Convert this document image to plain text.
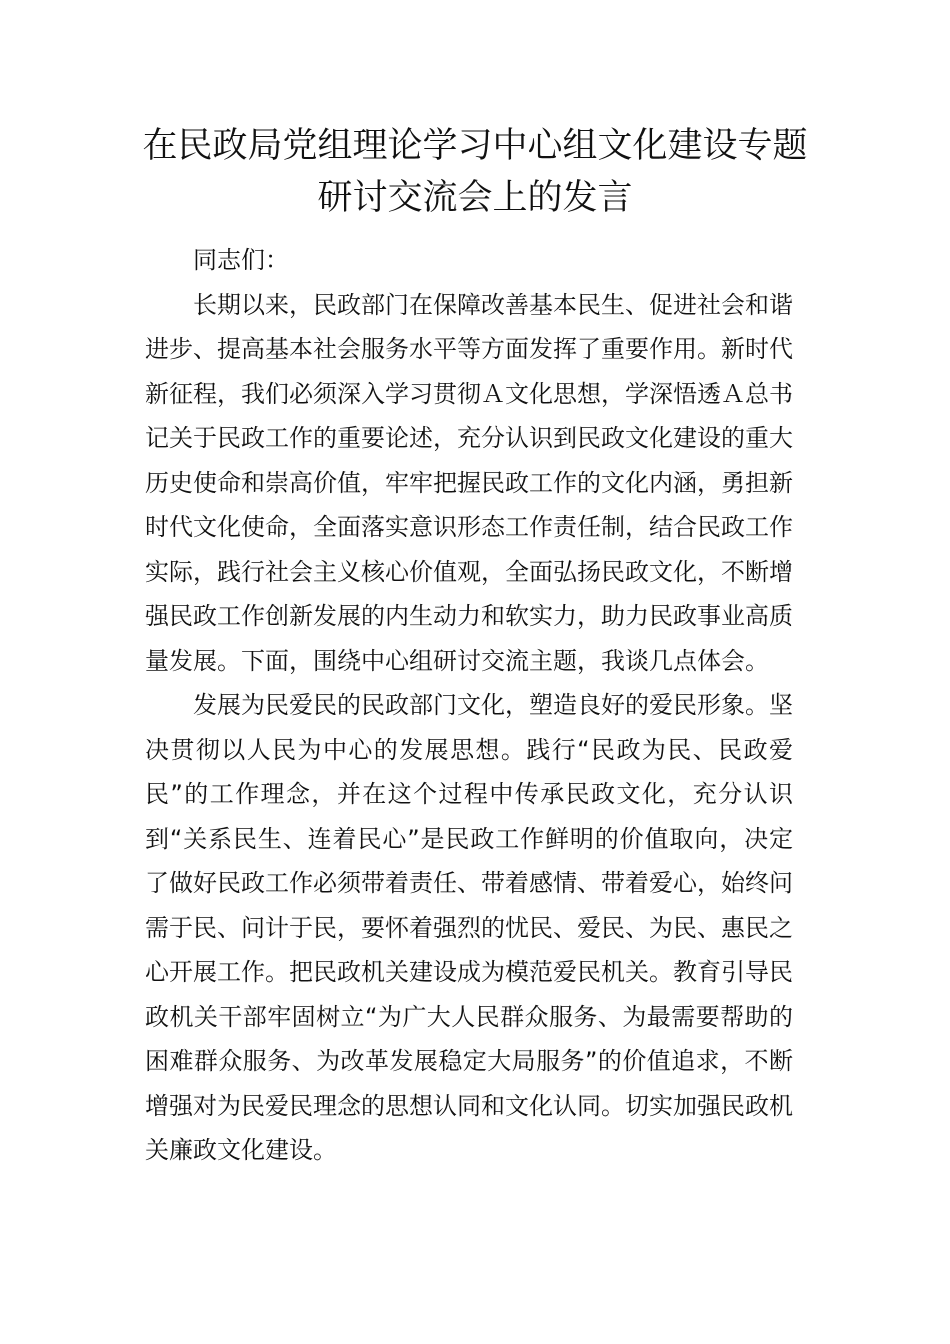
在民政局党组理论学习中心组文化建设专题研讨交流会上的发言

同志们：

长期以来，民政部门在保障改善基本民生、促进社会和谐进步、提高基本社会服务水平等方面发挥了重要作用。新时代新征程，我们必须深入学习贯彻Ａ文化思想，学深悟透Ａ总书记关于民政工作的重要论述，充分认识到民政文化建设的重大历史使命和崇高价值，牢牢把握民政工作的文化内涵，勇担新时代文化使命，全面落实意识形态工作责任制，结合民政工作实际，践行社会主义核心价值观，全面弘扬民政文化，不断增强民政工作创新发展的内生动力和软实力，助力民政事业高质量发展。下面，围绕中心组研讨交流主题，我谈几点体会。

发展为民爱民的民政部门文化，塑造良好的爱民形象。坚决贯彻以人民为中心的发展思想。践行“民政为民、民政爱民”的工作理念，并在这个过程中传承民政文化，充分认识到“关系民生、连着民心”是民政工作鲜明的价值取向，决定了做好民政工作必须带着责任、带着感情、带着爱心，始终问需于民、问计于民，要怀着强烈的忧民、爱民、为民、惠民之心开展工作。把民政机关建设成为模范爱民机关。教育引导民政机关干部牢固树立“为广大人民群众服务、为最需要帮助的困难群众服务、为改革发展稳定大局服务”的价值追求，不断增强对为民爱民理念的思想认同和文化认同。切实加强民政机关廉政文化建设。
